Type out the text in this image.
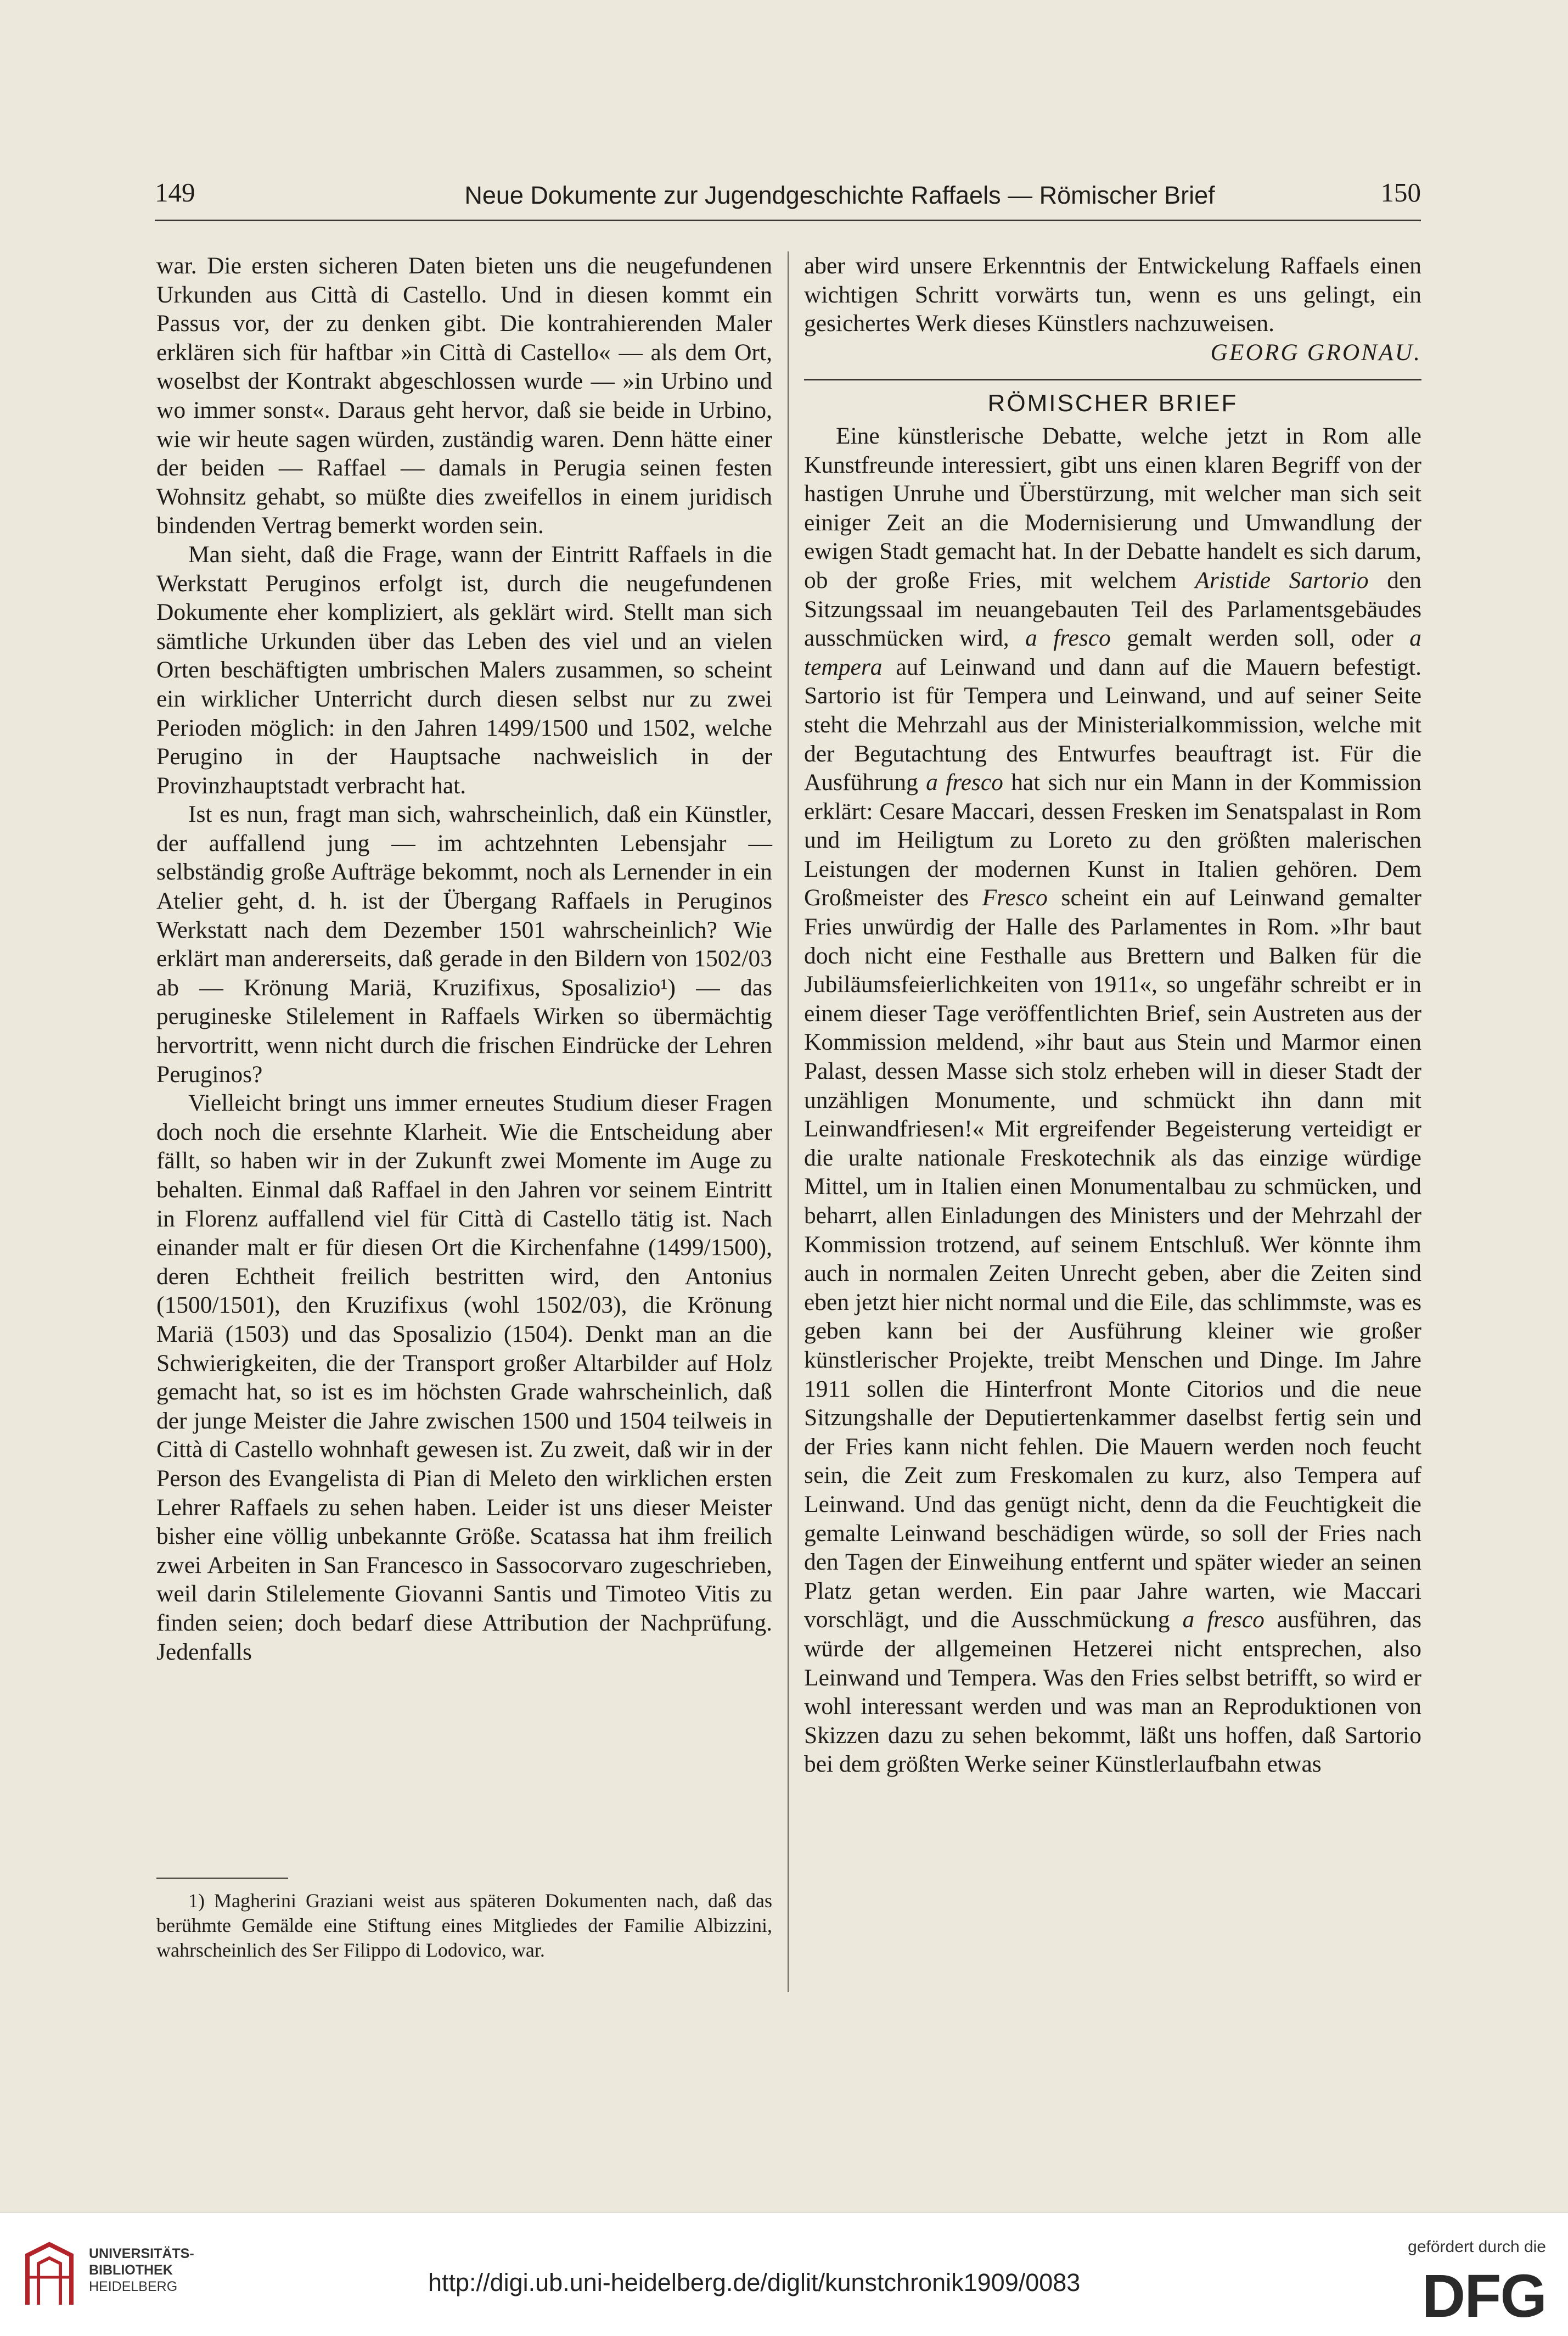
149	Neue Dokumente zur Jugendgeschichte Raffaels — Römischer Brief	150

war. Die ersten sicheren Daten bieten uns die neugefundenen Urkunden aus Città di Castello. Und in diesen kommt ein Passus vor, der zu denken gibt. Die kontrahierenden Maler erklären sich für haftbar »in Città di Castello« — als dem Ort, woselbst der Kontrakt abgeschlossen wurde — »in Urbino und wo immer sonst«. Daraus geht hervor, daß sie beide in Urbino, wie wir heute sagen würden, zuständig waren. Denn hätte einer der beiden — Raffael — damals in Perugia seinen festen Wohnsitz gehabt, so müßte dies zweifellos in einem juridisch bindenden Vertrag bemerkt worden sein.

Man sieht, daß die Frage, wann der Eintritt Raffaels in die Werkstatt Peruginos erfolgt ist, durch die neugefundenen Dokumente eher kompliziert, als geklärt wird. Stellt man sich sämtliche Urkunden über das Leben des viel und an vielen Orten beschäftigten umbrischen Malers zusammen, so scheint ein wirklicher Unterricht durch diesen selbst nur zu zwei Perioden möglich: in den Jahren 1499/1500 und 1502, welche Perugino in der Hauptsache nachweislich in der Provinzhauptstadt verbracht hat.

Ist es nun, fragt man sich, wahrscheinlich, daß ein Künstler, der auffallend jung — im achtzehnten Lebensjahr — selbständig große Aufträge bekommt, noch als Lernender in ein Atelier geht, d. h. ist der Übergang Raffaels in Peruginos Werkstatt nach dem Dezember 1501 wahrscheinlich? Wie erklärt man andererseits, daß gerade in den Bildern von 1502/03 ab — Krönung Mariä, Kruzifixus, Sposalizio¹) — das perugineske Stilelement in Raffaels Wirken so übermächtig hervortritt, wenn nicht durch die frischen Eindrücke der Lehren Peruginos?

Vielleicht bringt uns immer erneutes Studium dieser Fragen doch noch die ersehnte Klarheit. Wie die Entscheidung aber fällt, so haben wir in der Zukunft zwei Momente im Auge zu behalten. Einmal daß Raffael in den Jahren vor seinem Eintritt in Florenz auffallend viel für Città di Castello tätig ist. Nach einander malt er für diesen Ort die Kirchenfahne (1499/1500), deren Echtheit freilich bestritten wird, den Antonius (1500/1501), den Kruzifixus (wohl 1502/03), die Krönung Mariä (1503) und das Sposalizio (1504). Denkt man an die Schwierigkeiten, die der Transport großer Altarbilder auf Holz gemacht hat, so ist es im höchsten Grade wahrscheinlich, daß der junge Meister die Jahre zwischen 1500 und 1504 teilweis in Città di Castello wohnhaft gewesen ist. Zu zweit, daß wir in der Person des Evangelista di Pian di Meleto den wirklichen ersten Lehrer Raffaels zu sehen haben. Leider ist uns dieser Meister bisher eine völlig unbekannte Größe. Scatassa hat ihm freilich zwei Arbeiten in San Francesco in Sassocorvaro zugeschrieben, weil darin Stilelemente Giovanni Santis und Timoteo Vitis zu finden seien; doch bedarf diese Attribution der Nachprüfung. Jedenfalls

aber wird unsere Erkenntnis der Entwickelung Raffaels einen wichtigen Schritt vorwärts tun, wenn es uns gelingt, ein gesichertes Werk dieses Künstlers nachzuweisen.

GEORG GRONAU.

RÖMISCHER BRIEF

Eine künstlerische Debatte, welche jetzt in Rom alle Kunstfreunde interessiert, gibt uns einen klaren Begriff von der hastigen Unruhe und Überstürzung, mit welcher man sich seit einiger Zeit an die Modernisierung und Umwandlung der ewigen Stadt gemacht hat. In der Debatte handelt es sich darum, ob der große Fries, mit welchem Aristide Sartorio den Sitzungssaal im neuangebauten Teil des Parlamentsgebäudes ausschmücken wird, a fresco gemalt werden soll, oder a tempera auf Leinwand und dann auf die Mauern befestigt. Sartorio ist für Tempera und Leinwand, und auf seiner Seite steht die Mehrzahl aus der Ministerialkommission, welche mit der Begutachtung des Entwurfes beauftragt ist. Für die Ausführung a fresco hat sich nur ein Mann in der Kommission erklärt: Cesare Maccari, dessen Fresken im Senatspalast in Rom und im Heiligtum zu Loreto zu den größten malerischen Leistungen der modernen Kunst in Italien gehören. Dem Großmeister des Fresco scheint ein auf Leinwand gemalter Fries unwürdig der Halle des Parlamentes in Rom. »Ihr baut doch nicht eine Festhalle aus Brettern und Balken für die Jubiläumsfeierlichkeiten von 1911«, so ungefähr schreibt er in einem dieser Tage veröffentlichten Brief, sein Austreten aus der Kommission meldend, »ihr baut aus Stein und Marmor einen Palast, dessen Masse sich stolz erheben will in dieser Stadt der unzähligen Monumente, und schmückt ihn dann mit Leinwandfriesen!« Mit ergreifender Begeisterung verteidigt er die uralte nationale Freskotechnik als das einzige würdige Mittel, um in Italien einen Monumentalbau zu schmücken, und beharrt, allen Einladungen des Ministers und der Mehrzahl der Kommission trotzend, auf seinem Entschluß. Wer könnte ihm auch in normalen Zeiten Unrecht geben, aber die Zeiten sind eben jetzt hier nicht normal und die Eile, das schlimmste, was es geben kann bei der Ausführung kleiner wie großer künstlerischer Projekte, treibt Menschen und Dinge. Im Jahre 1911 sollen die Hinterfront Monte Citorios und die neue Sitzungshalle der Deputiertenkammer daselbst fertig sein und der Fries kann nicht fehlen. Die Mauern werden noch feucht sein, die Zeit zum Freskomalen zu kurz, also Tempera auf Leinwand. Und das genügt nicht, denn da die Feuchtigkeit die gemalte Leinwand beschädigen würde, so soll der Fries nach den Tagen der Einweihung entfernt und später wieder an seinen Platz getan werden. Ein paar Jahre warten, wie Maccari vorschlägt, und die Ausschmückung a fresco ausführen, das würde der allgemeinen Hetzerei nicht entsprechen, also Leinwand und Tempera. Was den Fries selbst betrifft, so wird er wohl interessant werden und was man an Reproduktionen von Skizzen dazu zu sehen bekommt, läßt uns hoffen, daß Sartorio bei dem größten Werke seiner Künstlerlaufbahn etwas

1) Magherini Graziani weist aus späteren Dokumenten nach, daß das berühmte Gemälde eine Stiftung eines Mitgliedes der Familie Albizzini, wahrscheinlich des Ser Filippo di Lodovico, war.

UNIVERSITÄTS-
BIBLIOTHEK
HEIDELBERG	http://digi.ub.uni-heidelberg.de/diglit/kunstchronik1909/0083
gefördert durch die
DFG
